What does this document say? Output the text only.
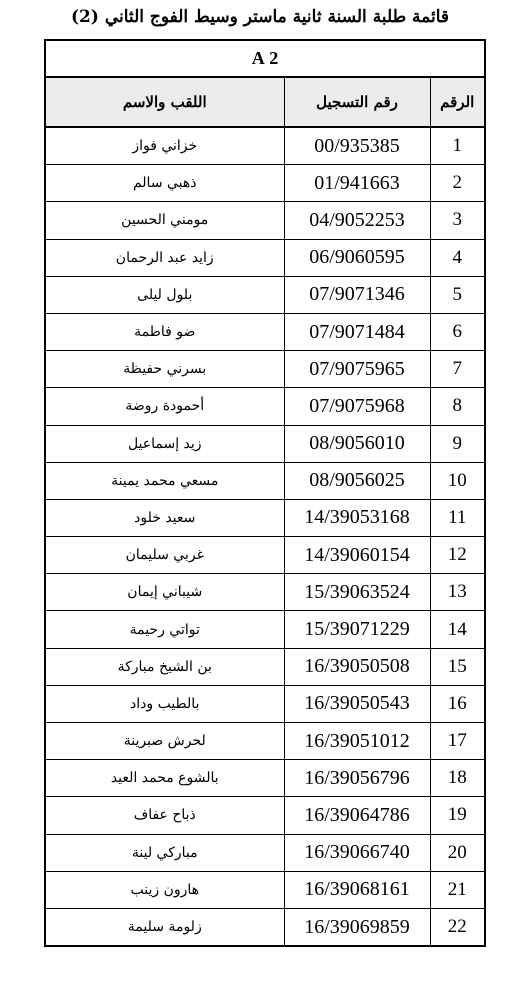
قائمة طلبة السنة ثانية ماستر وسيط الفوج الثاني (2)
2 A		
الرقم	رقم التسجيل	اللقب والاسم
1	00/935385	خزاني فواز
2	01/941663	ذهبي سالم
3	04/9052253	مومني الحسين
4	06/9060595	زايد عبد الرحمان
5	07/9071346	بلول ليلى
6	07/9071484	ضو فاطمة
7	07/9075965	بسرني حفيظة
8	07/9075968	أحمودة روضة
9	08/9056010	زيد إسماعيل
10	08/9056025	مسعي محمد يمينة
11	14/39053168	سعيد خلود
12	14/39060154	غربي سليمان
13	15/39063524	شيباني إيمان
14	15/39071229	تواتي رحيمة
15	16/39050508	بن الشيخ مباركة
16	16/39050543	بالطيب وداد
17	16/39051012	لحرش صبرينة
18	16/39056796	بالشوع محمد العيد
19	16/39064786	ذباح عفاف
20	16/39066740	مباركي لينة
21	16/39068161	هارون زينب
22	16/39069859	زلومة سليمة
